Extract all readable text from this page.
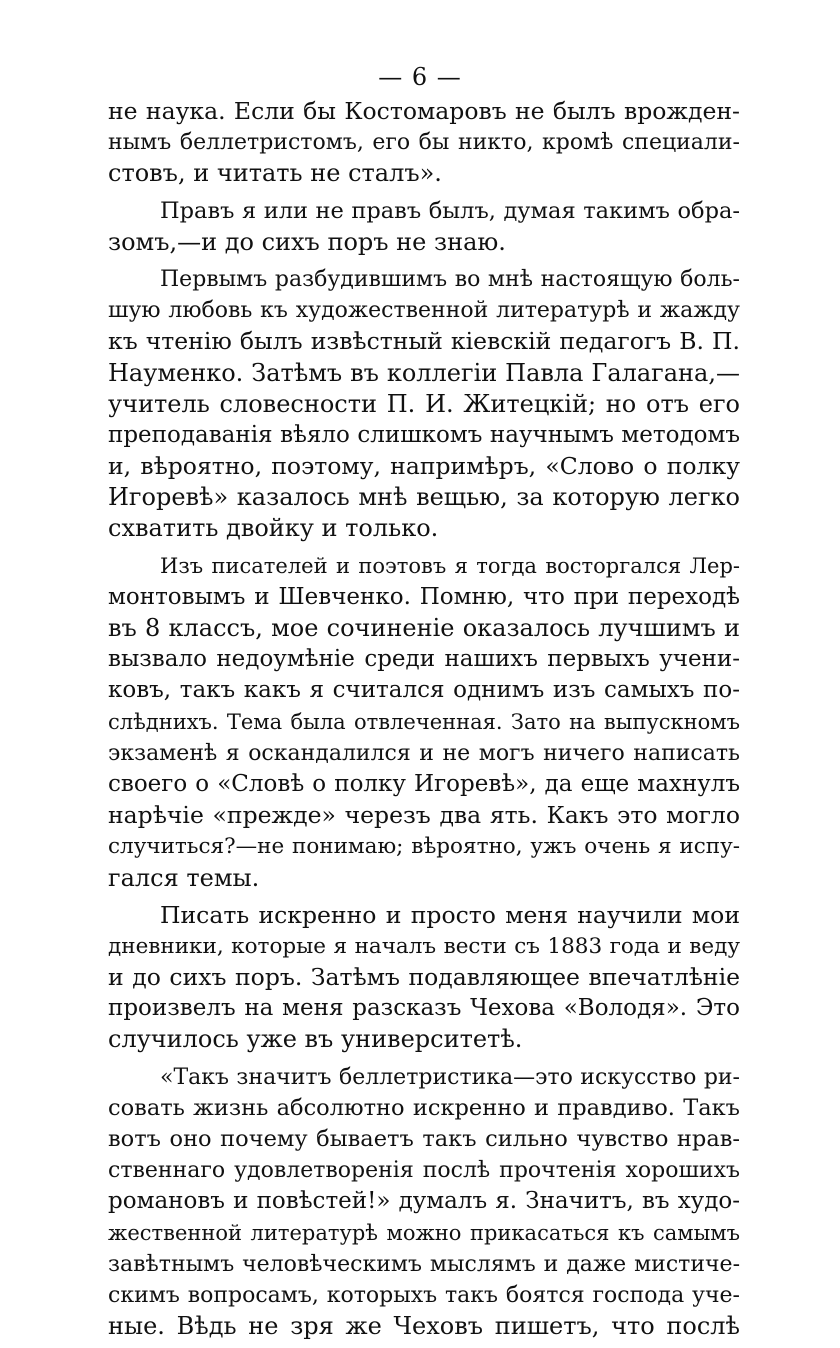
— 6 —
не наука. Если бы Костомаровъ не былъ врожден-
нымъ беллетристомъ, его бы никто, кромѣ специали-
стовъ, и читать не сталъ».
Правъ я или не правъ былъ, думая такимъ обра-
зомъ,—и до сихъ поръ не знаю.
Первымъ разбудившимъ во мнѣ настоящую боль-
шую любовь къ художественной литературѣ и жажду
къ чтенію былъ извѣстный кіевскій педагогъ В. П.
Науменко. Затѣмъ въ коллегіи Павла Галагана,—
учитель словесности П. И. Житецкій; но отъ его
преподаванія вѣяло слишкомъ научнымъ методомъ
и, вѣроятно, поэтому, напримѣръ, «Слово о полку
Игоревѣ» казалось мнѣ вещью, за которую легко
схватить двойку и только.
Изъ писателей и поэтовъ я тогда восторгался Лер-
монтовымъ и Шевченко. Помню, что при переходѣ
въ 8 классъ, мое сочиненіе оказалось лучшимъ и
вызвало недоумѣніе среди нашихъ первыхъ учени-
ковъ, такъ какъ я считался однимъ изъ самыхъ по-
слѣднихъ. Тема была отвлеченная. Зато на выпускномъ
экзаменѣ я оскандалился и не могъ ничего написать
своего о «Словѣ о полку Игоревѣ», да еще махнулъ
нарѣчіе «прежде» черезъ два ять. Какъ это могло
случиться?—не понимаю; вѣроятно, ужъ очень я испу-
гался темы.
Писать искренно и просто меня научили мои
дневники, которые я началъ вести съ 1883 года и веду
и до сихъ поръ. Затѣмъ подавляющее впечатлѣніе
произвелъ на меня разсказъ Чехова «Володя». Это
случилось уже въ университетѣ.
«Такъ значитъ беллетристика—это искусство ри-
совать жизнь абсолютно искренно и правдиво. Такъ
вотъ оно почему бываетъ такъ сильно чувство нрав-
ственнаго удовлетворенія послѣ прочтенія хорошихъ
романовъ и повѣстей!» думалъ я. Значитъ, въ худо-
жественной литературѣ можно прикасаться къ самымъ
завѣтнымъ человѣческимъ мыслямъ и даже мистиче-
скимъ вопросамъ, которыхъ такъ боятся господа уче-
ные. Вѣдь не зря же Чеховъ пишетъ, что послѣ
